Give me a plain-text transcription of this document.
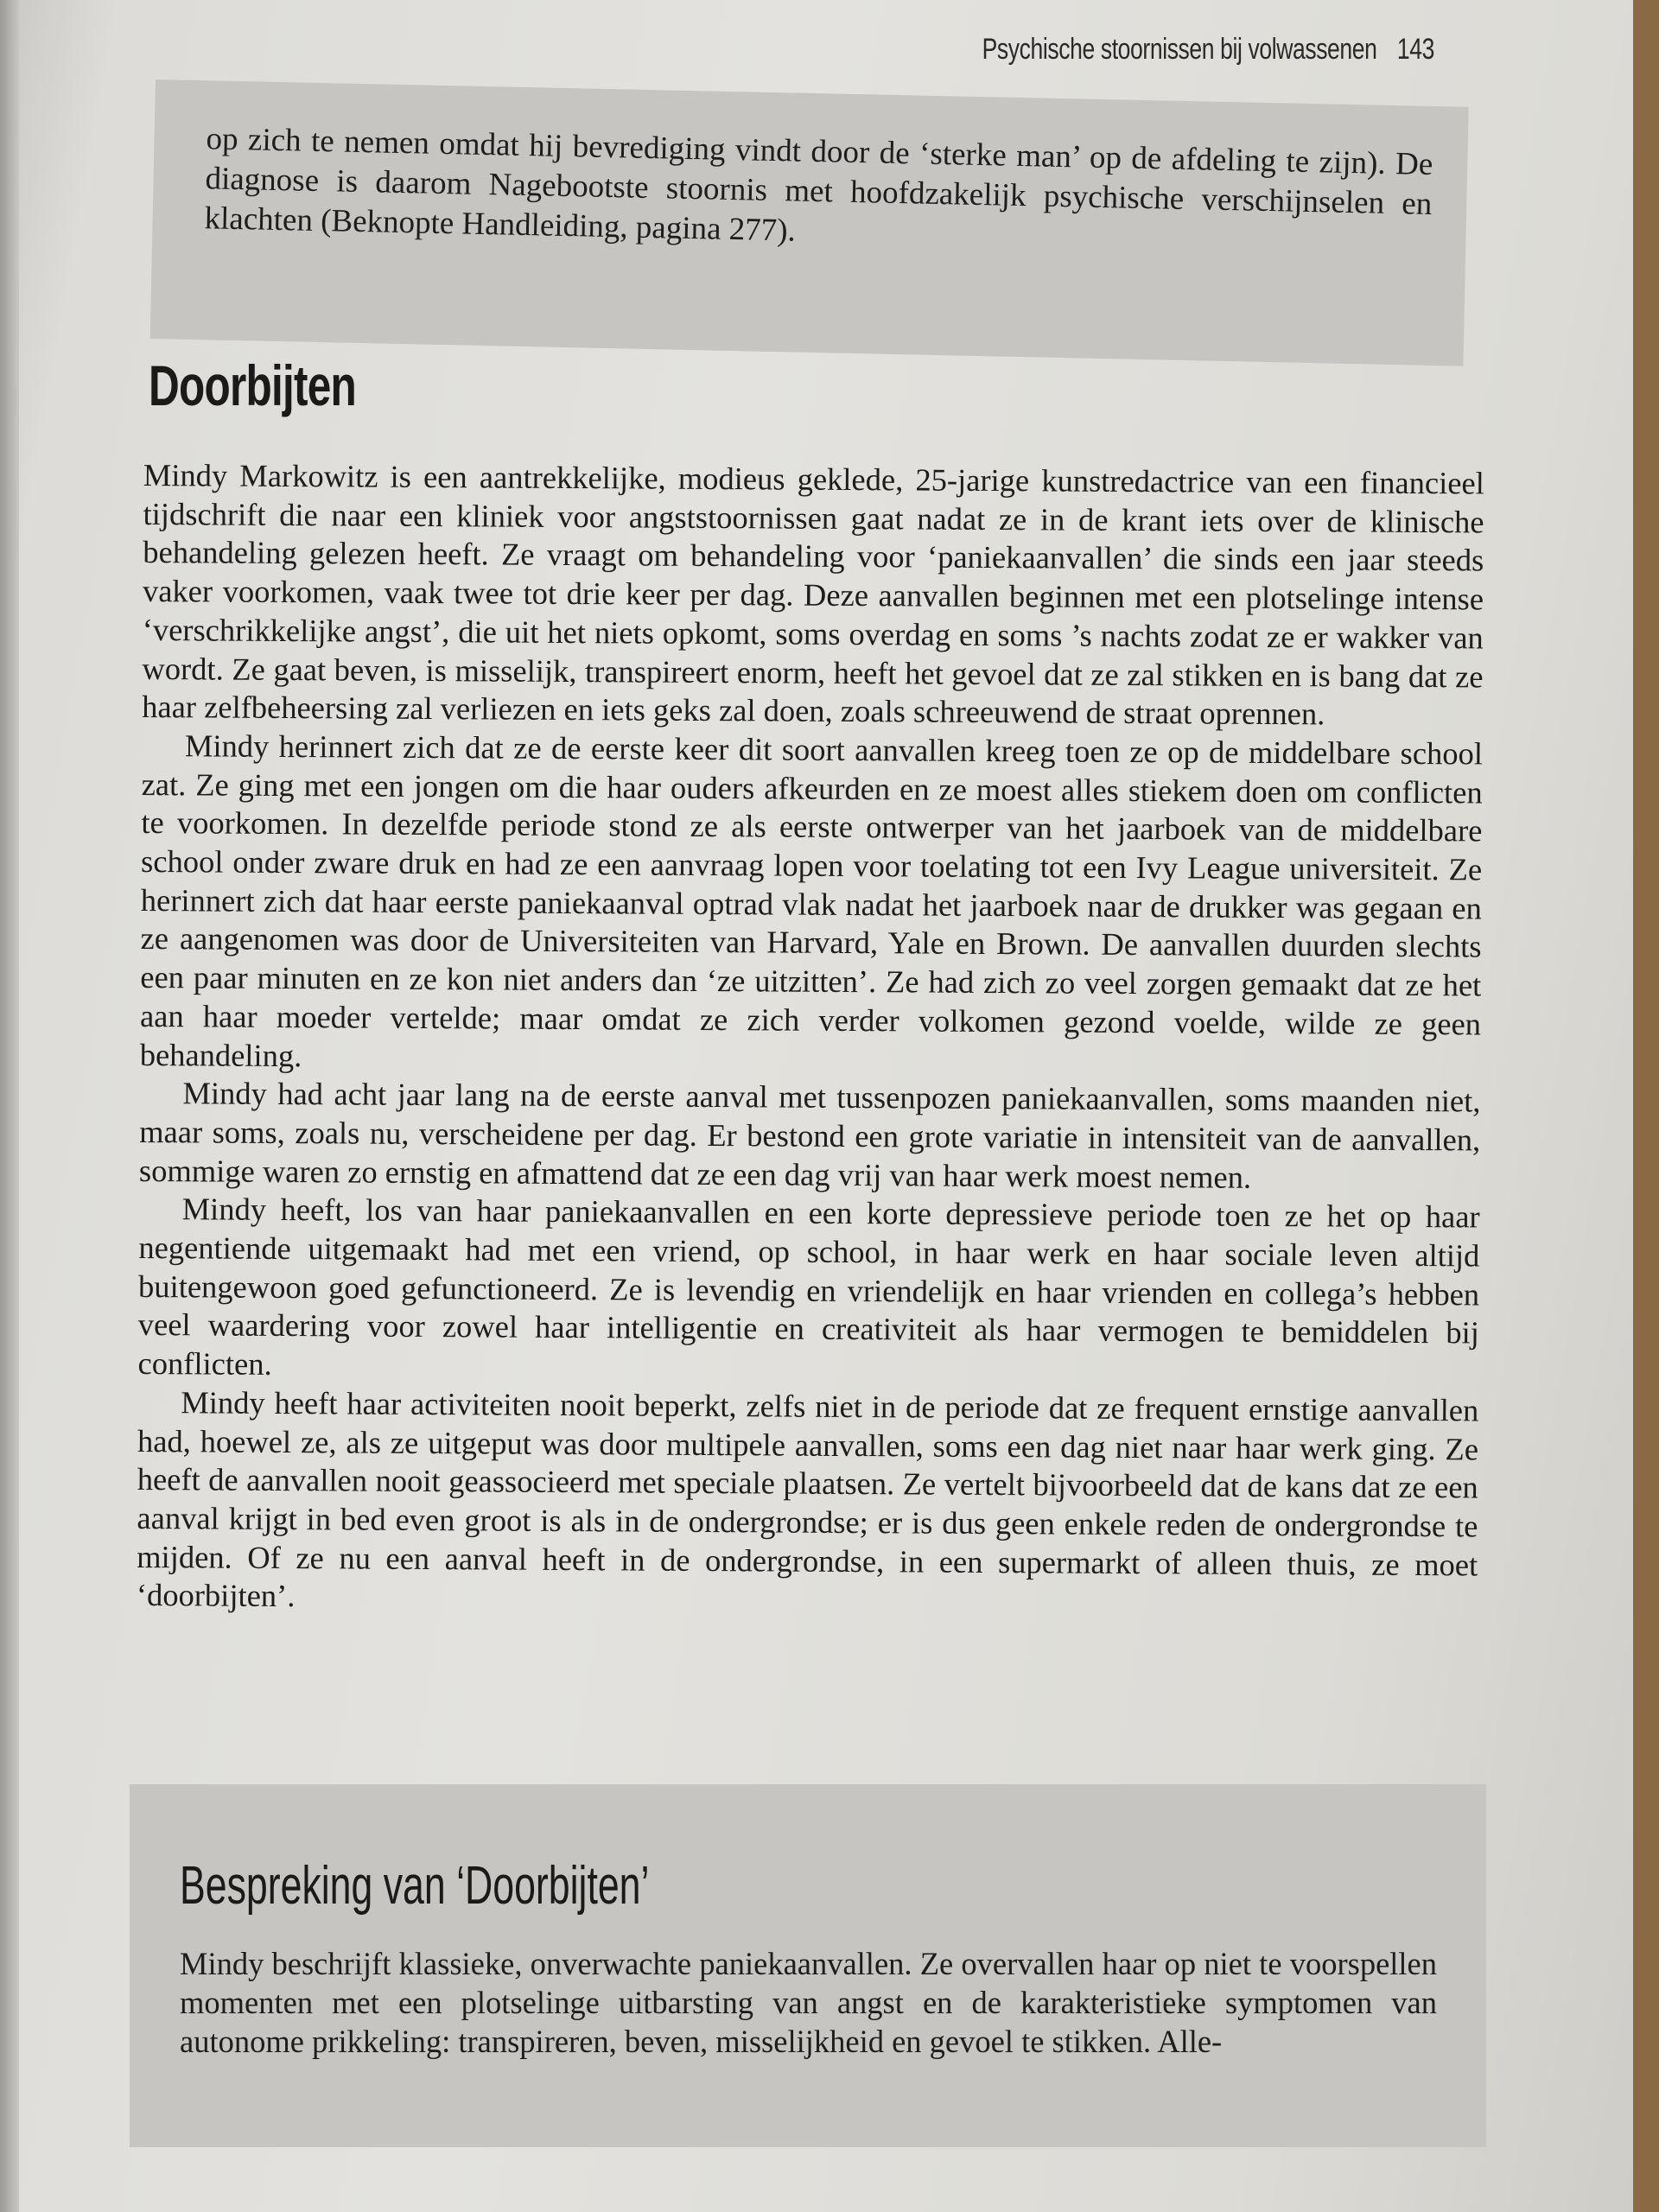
Psychische stoornissen bij volwassenen 143

op zich te nemen omdat hij bevrediging vindt door de ‘sterke man’ op de afdeling te zijn). De diagnose is daarom Nagebootste stoornis met hoofdzakelijk psychische verschijnselen en klachten (Beknopte Handleiding, pagina 277).

Doorbijten

Mindy Markowitz is een aantrekkelijke, modieus geklede, 25-jarige kunstredactrice van een financieel tijdschrift die naar een kliniek voor angststoornissen gaat nadat ze in de krant iets over de klinische behandeling gelezen heeft. Ze vraagt om behandeling voor ‘paniekaanvallen’ die sinds een jaar steeds vaker voorkomen, vaak twee tot drie keer per dag. Deze aanvallen beginnen met een plotselinge intense ‘verschrikkelijke angst’, die uit het niets opkomt, soms overdag en soms ’s nachts zodat ze er wakker van wordt. Ze gaat beven, is misselijk, transpireert enorm, heeft het gevoel dat ze zal stikken en is bang dat ze haar zelfbeheersing zal verliezen en iets geks zal doen, zoals schreeuwend de straat oprennen.

Mindy herinnert zich dat ze de eerste keer dit soort aanvallen kreeg toen ze op de middelbare school zat. Ze ging met een jongen om die haar ouders afkeurden en ze moest alles stiekem doen om conflicten te voorkomen. In dezelfde periode stond ze als eerste ontwerper van het jaarboek van de middelbare school onder zware druk en had ze een aanvraag lopen voor toelating tot een Ivy League universiteit. Ze herinnert zich dat haar eerste paniekaanval optrad vlak nadat het jaarboek naar de drukker was gegaan en ze aangenomen was door de Universiteiten van Harvard, Yale en Brown. De aanvallen duurden slechts een paar minuten en ze kon niet anders dan ‘ze uitzitten’. Ze had zich zo veel zorgen gemaakt dat ze het aan haar moeder vertelde; maar omdat ze zich verder volkomen gezond voelde, wilde ze geen behandeling.

Mindy had acht jaar lang na de eerste aanval met tussenpozen paniekaanvallen, soms maanden niet, maar soms, zoals nu, verscheidene per dag. Er bestond een grote variatie in intensiteit van de aanvallen, sommige waren zo ernstig en afmattend dat ze een dag vrij van haar werk moest nemen.

Mindy heeft, los van haar paniekaanvallen en een korte depressieve periode toen ze het op haar negentiende uitgemaakt had met een vriend, op school, in haar werk en haar sociale leven altijd buitengewoon goed gefunctioneerd. Ze is levendig en vriendelijk en haar vrienden en collega’s hebben veel waardering voor zowel haar intelligentie en creativiteit als haar vermogen te bemiddelen bij conflicten.

Mindy heeft haar activiteiten nooit beperkt, zelfs niet in de periode dat ze frequent ernstige aanvallen had, hoewel ze, als ze uitgeput was door multipele aanvallen, soms een dag niet naar haar werk ging. Ze heeft de aanvallen nooit geassocieerd met speciale plaatsen. Ze vertelt bijvoorbeeld dat de kans dat ze een aanval krijgt in bed even groot is als in de ondergrondse; er is dus geen enkele reden de ondergrondse te mijden. Of ze nu een aanval heeft in de ondergrondse, in een supermarkt of alleen thuis, ze moet ‘doorbijten’.

Bespreking van ‘Doorbijten’

Mindy beschrijft klassieke, onverwachte paniekaanvallen. Ze overvallen haar op niet te voorspellen momenten met een plotselinge uitbarsting van angst en de karakteristieke symptomen van autonome prikkeling: transpireren, beven, misselijkheid en gevoel te stikken. Alle-
